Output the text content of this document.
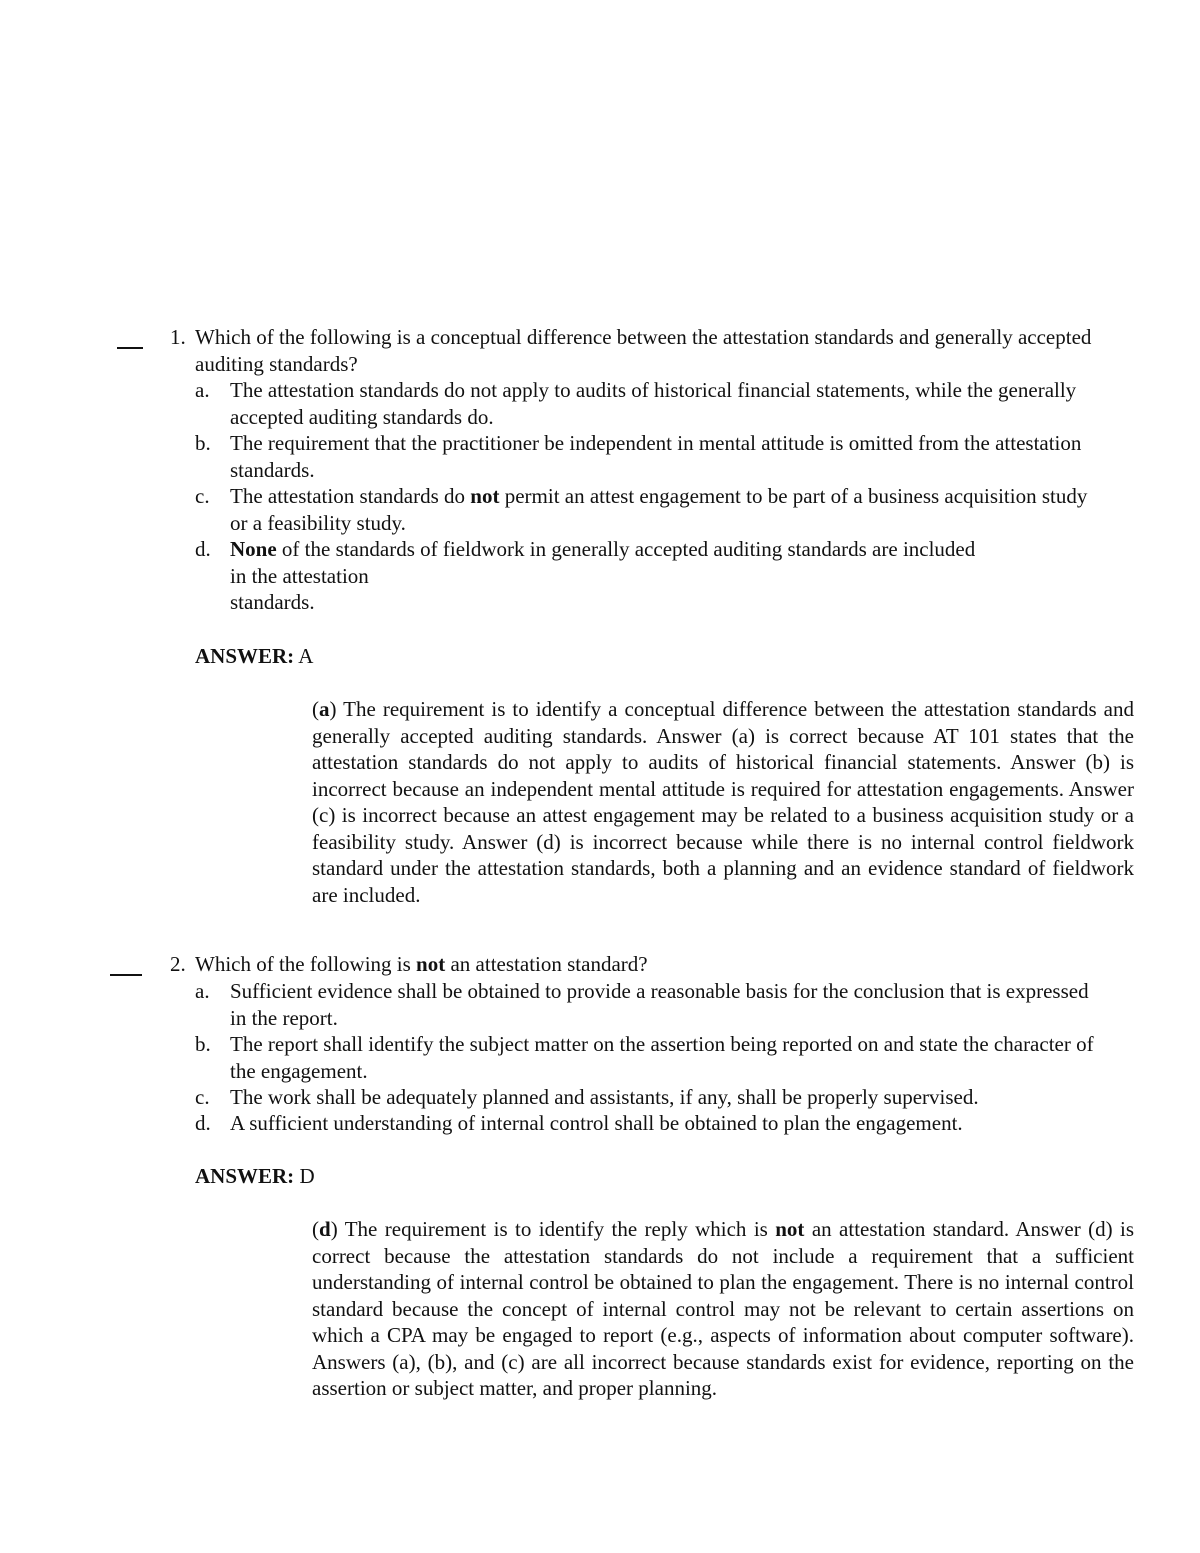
1. Which of the following is a conceptual difference between the attestation standards and generally accepted auditing standards?
a. The attestation standards do not apply to audits of historical financial statements, while the generally accepted auditing standards do.
b. The requirement that the practitioner be independent in mental attitude is omitted from the attestation standards.
c. The attestation standards do not permit an attest engagement to be part of a business acquisition study or a feasibility study.
d. None of the standards of fieldwork in generally accepted auditing standards are included
in the attestation
standards.
ANSWER: A
(a) The requirement is to identify a conceptual difference between the attestation standards and generally accepted auditing standards. Answer (a) is correct because AT 101 states that the attestation standards do not apply to audits of historical financial statements. Answer (b) is incorrect because an independent mental attitude is required for attestation engagements. Answer (c) is incorrect because an attest engagement may be related to a business acquisition study or a feasibility study. Answer (d) is incorrect because while there is no internal control fieldwork standard under the attestation standards, both a planning and an evidence standard of fieldwork are included.
2. Which of the following is not an attestation standard?
a. Sufficient evidence shall be obtained to provide a reasonable basis for the conclusion that is expressed in the report.
b. The report shall identify the subject matter on the assertion being reported on and state the character of the engagement.
c. The work shall be adequately planned and assistants, if any, shall be properly supervised.
d. A sufficient understanding of internal control shall be obtained to plan the engagement.
ANSWER: D
(d) The requirement is to identify the reply which is not an attestation standard. Answer (d) is correct because the attestation standards do not include a requirement that a sufficient understanding of internal control be obtained to plan the engagement. There is no internal control standard because the concept of internal control may not be relevant to certain assertions on which a CPA may be engaged to report (e.g., aspects of information about computer software). Answers (a), (b), and (c) are all incorrect because standards exist for evidence, reporting on the assertion or subject matter, and proper planning.
